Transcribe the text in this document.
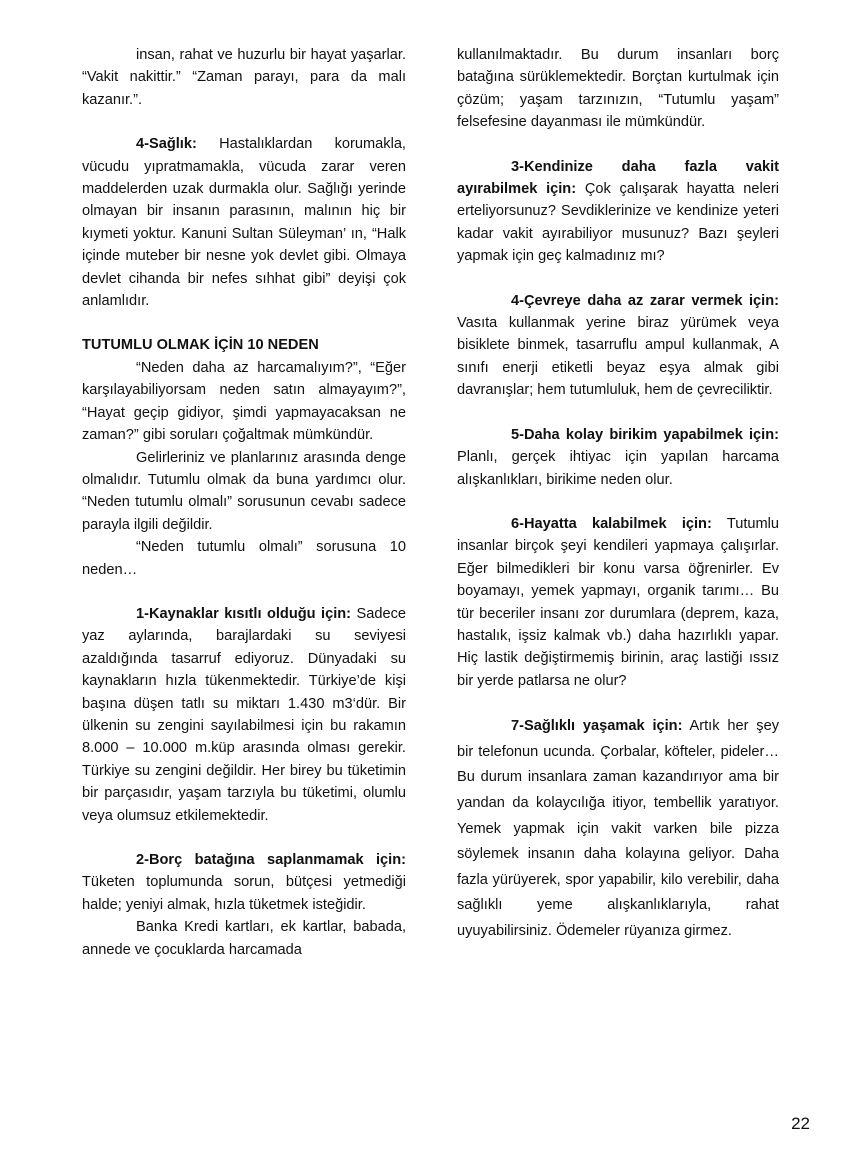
insan, rahat ve huzurlu bir hayat yaşarlar. “Vakit nakittir.” “Zaman parayı, para da malı kazanır.”.

4-Sağlık: Hastalıklardan korumakla, vücudu yıpratmamakla, vücuda zarar veren maddelerden uzak durmakla olur. Sağlığı yerinde olmayan bir insanın parasının, malının hiç bir kıymeti yoktur. Kanuni Sultan Süleyman’ ın, “Halk içinde muteber bir nesne yok devlet gibi. Olmaya devlet cihanda bir nefes sıhhat gibi” deyişi çok anlamlıdır.

TUTUMLU OLMAK İÇİN 10 NEDEN

“Neden daha az harcamalıyım?”, “Eğer karşılayabiliyorsam neden satın almayayım?”, “Hayat geçip gidiyor, şimdi yapmayacaksan ne zaman?” gibi soruları çoğaltmak mümkündür.

Gelirleriniz ve planlarınız arasında denge olmalıdır. Tutumlu olmak da buna yardımcı olur. “Neden tutumlu olmalı” sorusunun cevabı sadece parayla ilgili değildir.

“Neden tutumlu olmalı” sorusuna 10 neden…

1-Kaynaklar kısıtlı olduğu için: Sadece yaz aylarında, barajlardaki su seviyesi azaldığında tasarruf ediyoruz. Dünyadaki su kaynakların hızla tükenmektedir. Türkiye’de kişi başına düşen tatlı su miktarı 1.430 m3‘dür. Bir ülkenin su zengini sayılabilmesi için bu rakamın 8.000 – 10.000 m.küp arasında olması gerekir. Türkiye su zengini değildir. Her birey bu tüketimin bir parçasıdır, yaşam tarzıyla bu tüketimi, olumlu veya olumsuz etkilemektedir.

2-Borç batağına saplanmamak için: Tüketen toplumunda sorun, bütçesi yetmediği halde; yeniyi almak, hızla tüketmek isteğidir.

Banka Kredi kartları, ek kartlar, babada, annede ve çocuklarda harcamada

kullanılmaktadır. Bu durum insanları borç batağına sürüklemektedir. Borçtan kurtulmak için çözüm; yaşam tarzınızın, “Tutumlu yaşam” felsefesine dayanması ile mümkündür.

3-Kendinize daha fazla vakit ayırabilmek için: Çok çalışarak hayatta neleri erteliyorsunuz? Sevdiklerinize ve kendinize yeteri kadar vakit ayırabiliyor musunuz? Bazı şeyleri yapmak için geç kalmadınız mı?

4-Çevreye daha az zarar vermek için: Vasıta kullanmak yerine biraz yürümek veya bisiklete binmek, tasarruflu ampul kullanmak, A sınıfı enerji etiketli beyaz eşya almak gibi davranışlar; hem tutumluluk, hem de çevreciliktir.

5-Daha kolay birikim yapabilmek için: Planlı, gerçek ihtiyac için yapılan harcama alışkanlıkları, birikime neden olur.

6-Hayatta kalabilmek için: Tutumlu insanlar birçok şeyi kendileri yapmaya çalışırlar. Eğer bilmedikleri bir konu varsa öğrenirler. Ev boyamayı, yemek yapmayı, organik tarımı… Bu tür beceriler insanı zor durumlara (deprem, kaza, hastalık, işsiz kalmak vb.) daha hazırlıklı yapar. Hiç lastik değiştirmemiş birinin, araç lastiği ıssız bir yerde patlarsa ne olur?

7-Sağlıklı yaşamak için: Artık her şey bir telefonun ucunda. Çorbalar, köfteler, pideler… Bu durum insanlara zaman kazandırıyor ama bir yandan da kolaycılığa itiyor, tembellik yaratıyor. Yemek yapmak için vakit varken bile pizza söylemek insanın daha kolayına geliyor. Daha fazla yürüyerek, spor yapabilir, kilo verebilir, daha sağlıklı yeme alışkanlıklarıyla, rahat uyuyabilirsiniz. Ödemeler rüyanıza girmez.

22
